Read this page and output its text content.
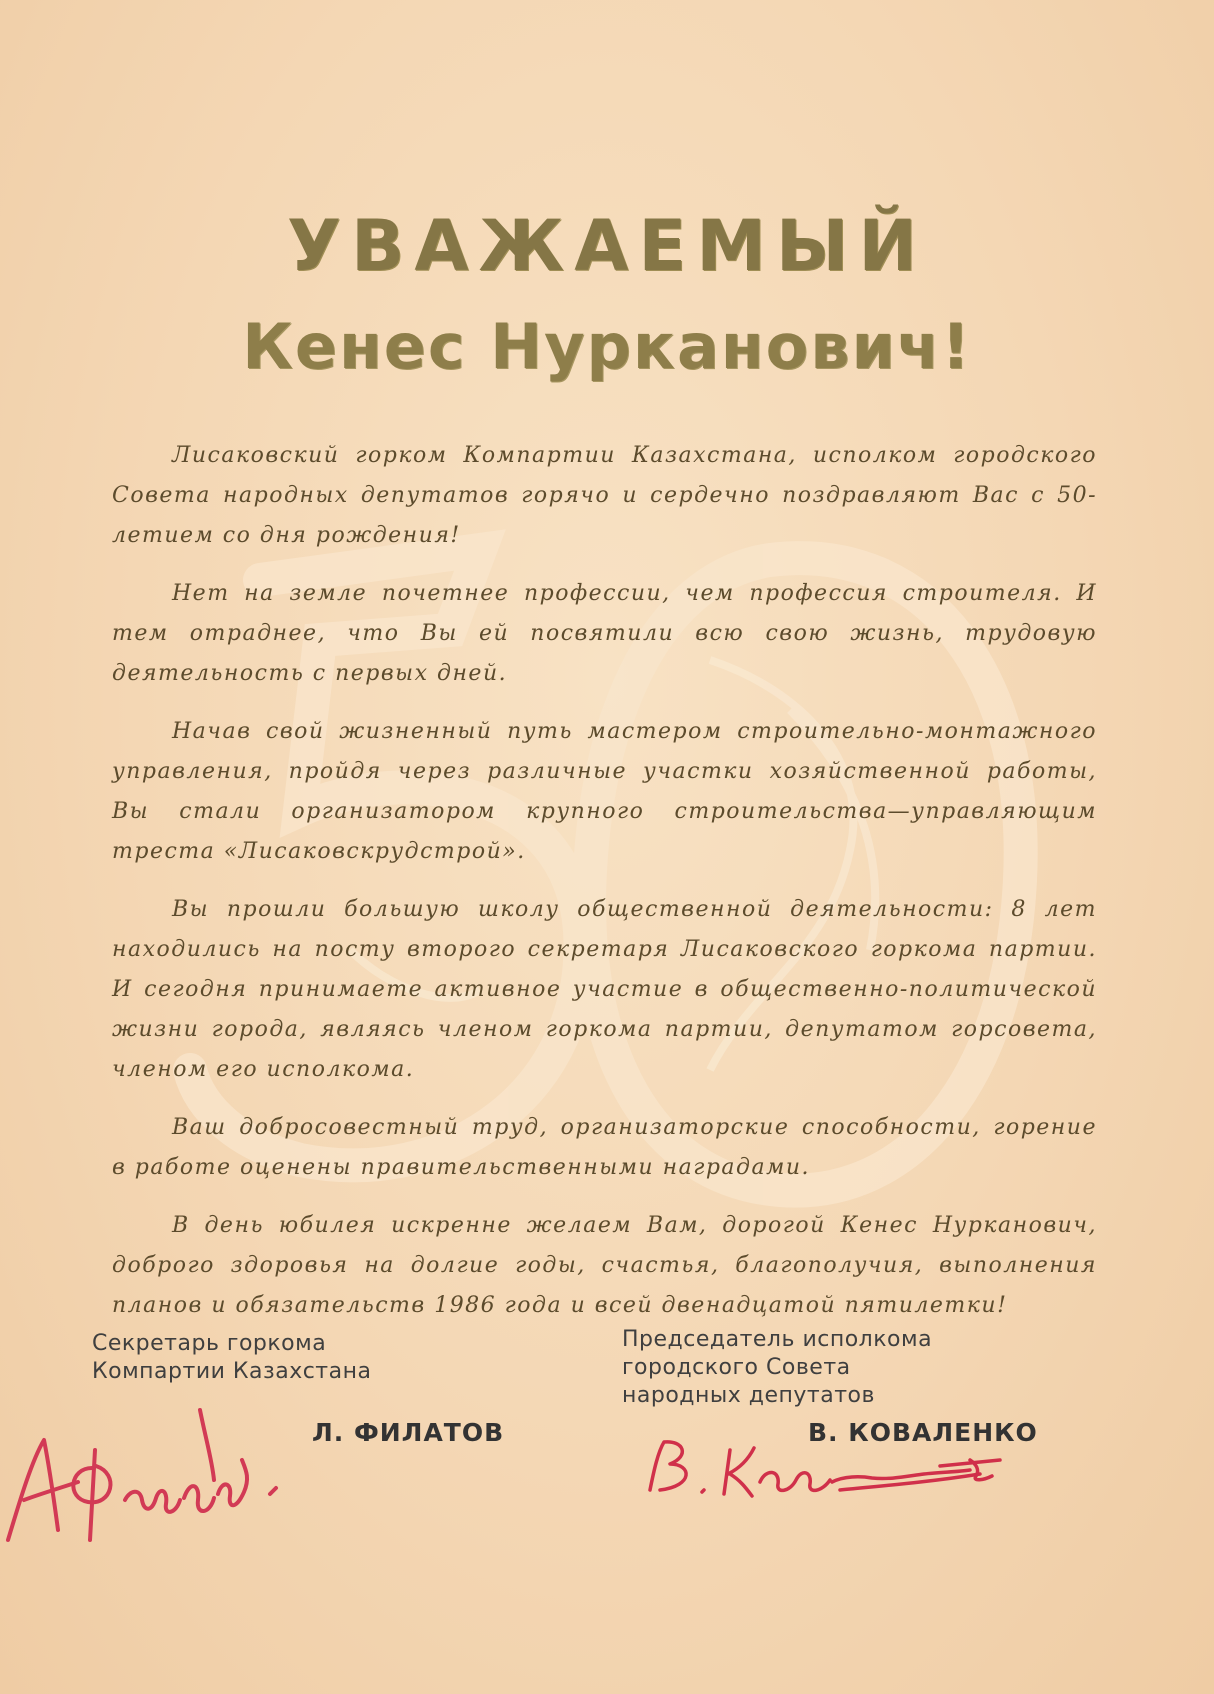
УВАЖАЕМЫЙ
Кенес Нурканович!

Лисаковский горком Компартии Казахстана, исполком городского Совета народных депутатов горячо и сердечно поздравляют Вас с 50-летием со дня рождения!

Нет на земле почетнее профессии, чем профессия строителя. И тем отраднее, что Вы ей посвятили всю свою жизнь, трудовую деятельность с первых дней.

Начав свой жизненный путь мастером строительно-монтажного управления, пройдя через различные участки хозяйственной работы, Вы стали организатором крупного строительства—управляющим треста «Лисаковскрудстрой».

Вы прошли большую школу общественной деятельности: 8 лет находились на посту второго секретаря Лисаковского горкома партии. И сегодня принимаете активное участие в общественно-политической жизни города, являясь членом горкома партии, депутатом горсовета, членом его исполкома.

Ваш добросовестный труд, организаторские способности, горение в работе оценены правительственными наградами.

В день юбилея искренне желаем Вам, дорогой Кенес Нурканович, доброго здоровья на долгие годы, счастья, благополучия, выполнения планов и обязательств 1986 года и всей двенадцатой пятилетки!

Секретарь горкома
Компартии Казахстана
Л. ФИЛАТОВ
Председатель исполкома
городского Совета
народных депутатов
В. КОВАЛЕНКО
